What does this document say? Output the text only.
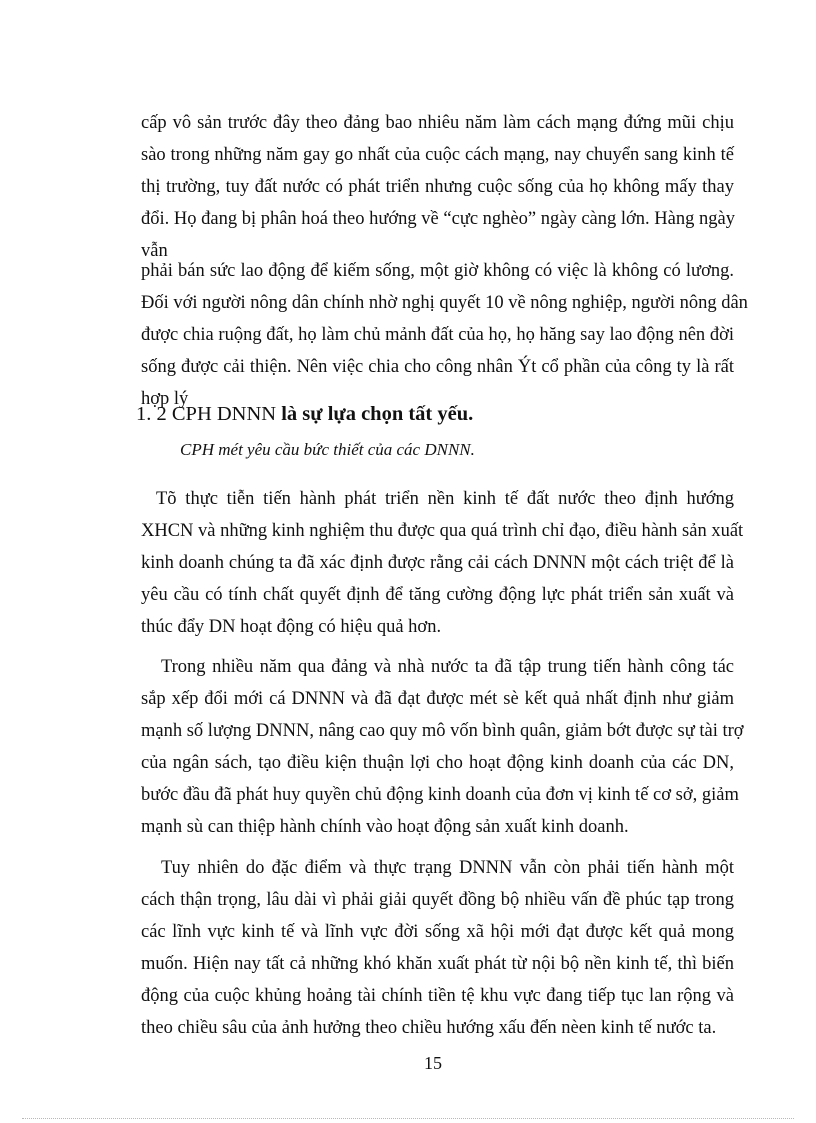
cấp vô sản trước đây theo đảng bao nhiêu năm làm cách mạng đứng mũi chịu
sào trong những năm gay go nhất của cuộc cách mạng, nay chuyển sang kinh tế
thị trường, tuy đất nước có phát triển nhưng cuộc sống của họ không mấy thay
đổi. Họ đang bị phân hoá theo hướng về “cực nghèo” ngày càng lớn. Hàng ngày
vẫn
phải bán sức lao động để kiếm sống, một giờ không có việc là không có lương.
Đối với người nông dân chính nhờ nghị quyết 10 về nông nghiệp, người nông dân
được chia ruộng đất, họ làm chủ mảnh đất của họ, họ hăng say lao động nên đời
sống được cải thiện. Nên việc chia cho công nhân Ýt cổ phần của công ty là rất
hợp lý
1. 2 CPH DNNN là sự lựa chọn tất yếu.
CPH mét yêu cầu bức thiết của các DNNN.
Tõ thực tiễn tiến hành phát triển nền kinh tế đất nước theo định hướng
XHCN và những kinh nghiệm thu được qua quá trình chỉ đạo, điều hành sản xuất
kinh doanh chúng ta đã xác định được rằng cải cách DNNN một cách triệt để là
yêu cầu có tính chất quyết định để tăng cường động lực phát triển sản xuất và
thúc đẩy DN hoạt động có hiệu quả hơn.
Trong nhiều năm qua đảng và nhà nước ta đã tập trung tiến hành công tác
sắp xếp đổi mới cá DNNN và đã đạt được mét sè kết quả nhất định như giảm
mạnh số lượng DNNN, nâng cao quy mô vốn bình quân, giảm bớt được sự tài trợ
của ngân sách, tạo điều kiện thuận lợi cho hoạt động kinh doanh của các DN,
bước đầu đã phát huy quyền chủ động kinh doanh của đơn vị kinh tế cơ sở, giảm
mạnh sù can thiệp hành chính vào hoạt động sản xuất kinh doanh.
Tuy nhiên do đặc điểm và thực trạng DNNN vẫn còn phải tiến hành một
cách thận trọng, lâu dài vì phải giải quyết đồng bộ nhiều vấn đề phúc tạp trong
các lĩnh vực kinh tế và lĩnh vực đời sống xã hội mới đạt được kết quả mong
muốn. Hiện nay tất cả những khó khăn xuất phát từ nội bộ nền kinh tế, thì biến
động của cuộc khủng hoảng tài chính tiền tệ khu vực đang tiếp tục lan rộng và
theo chiều sâu của ảnh hưởng theo chiều hướng xấu đến nèen kinh tế nước ta.
15
